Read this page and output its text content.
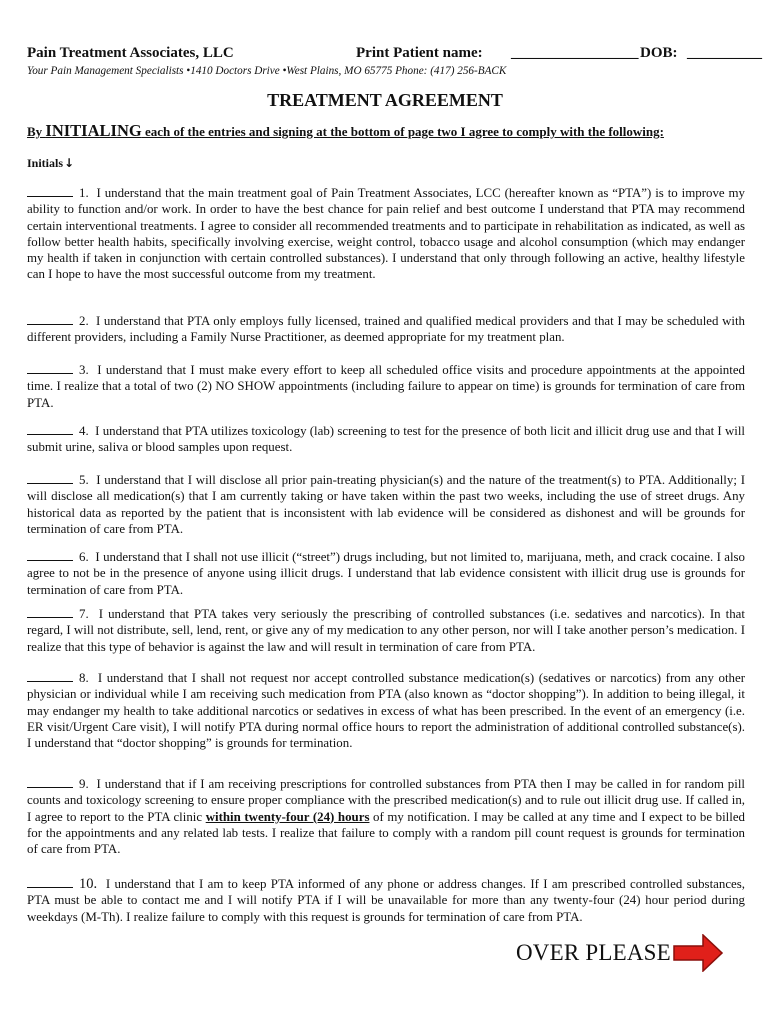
Pain Treatment Associates, LLC	Print Patient name: _________________ DOB: __________
Your Pain Management Specialists •1410 Doctors Drive •West Plains, MO 65775 Phone: (417) 256-BACK
TREATMENT AGREEMENT
By INITIALING each of the entries and signing at the bottom of page two I agree to comply with the following:
Initials↓
1. I understand that the main treatment goal of Pain Treatment Associates, LCC (hereafter known as “PTA”) is to improve my ability to function and/or work. In order to have the best chance for pain relief and best outcome I understand that PTA may recommend certain interventional treatments. I agree to consider all recommended treatments and to participate in rehabilitation as indicated, as well as follow better health habits, specifically involving exercise, weight control, tobacco usage and alcohol consumption (which may endanger my health if taken in conjunction with certain controlled substances). I understand that only through following an active, healthy lifestyle can I hope to have the most successful outcome from my treatment.
2. I understand that PTA only employs fully licensed, trained and qualified medical providers and that I may be scheduled with different providers, including a Family Nurse Practitioner, as deemed appropriate for my treatment plan.
3. I understand that I must make every effort to keep all scheduled office visits and procedure appointments at the appointed time. I realize that a total of two (2) NO SHOW appointments (including failure to appear on time) is grounds for termination of care from PTA.
4. I understand that PTA utilizes toxicology (lab) screening to test for the presence of both licit and illicit drug use and that I will submit urine, saliva or blood samples upon request.
5. I understand that I will disclose all prior pain-treating physician(s) and the nature of the treatment(s) to PTA. Additionally; I will disclose all medication(s) that I am currently taking or have taken within the past two weeks, including the use of street drugs. Any historical data as reported by the patient that is inconsistent with lab evidence will be considered as dishonest and will be grounds for termination of care from PTA.
6. I understand that I shall not use illicit (“street”) drugs including, but not limited to, marijuana, meth, and crack cocaine. I also agree to not be in the presence of anyone using illicit drugs. I understand that lab evidence consistent with illicit drug use is grounds for termination of care from PTA.
7. I understand that PTA takes very seriously the prescribing of controlled substances (i.e. sedatives and narcotics). In that regard, I will not distribute, sell, lend, rent, or give any of my medication to any other person, nor will I take another person’s medication. I realize that this type of behavior is against the law and will result in termination of care from PTA.
8. I understand that I shall not request nor accept controlled substance medication(s) (sedatives or narcotics) from any other physician or individual while I am receiving such medication from PTA (also known as “doctor shopping”). In addition to being illegal, it may endanger my health to take additional narcotics or sedatives in excess of what has been prescribed. In the event of an emergency (i.e. ER visit/Urgent Care visit), I will notify PTA during normal office hours to report the administration of additional controlled substance(s). I understand that “doctor shopping” is grounds for termination.
9. I understand that if I am receiving prescriptions for controlled substances from PTA then I may be called in for random pill counts and toxicology screening to ensure proper compliance with the prescribed medication(s) and to rule out illicit drug use. If called in, I agree to report to the PTA clinic within twenty-four (24) hours of my notification. I may be called at any time and I expect to be billed for the appointments and any related lab tests. I realize that failure to comply with a random pill count request is grounds for termination of care from PTA.
10. I understand that I am to keep PTA informed of any phone or address changes. If I am prescribed controlled substances, PTA must be able to contact me and I will notify PTA if I will be unavailable for more than any twenty-four (24) hour period during weekdays (M-Th). I realize failure to comply with this request is grounds for termination of care from PTA.
OVER PLEASE
